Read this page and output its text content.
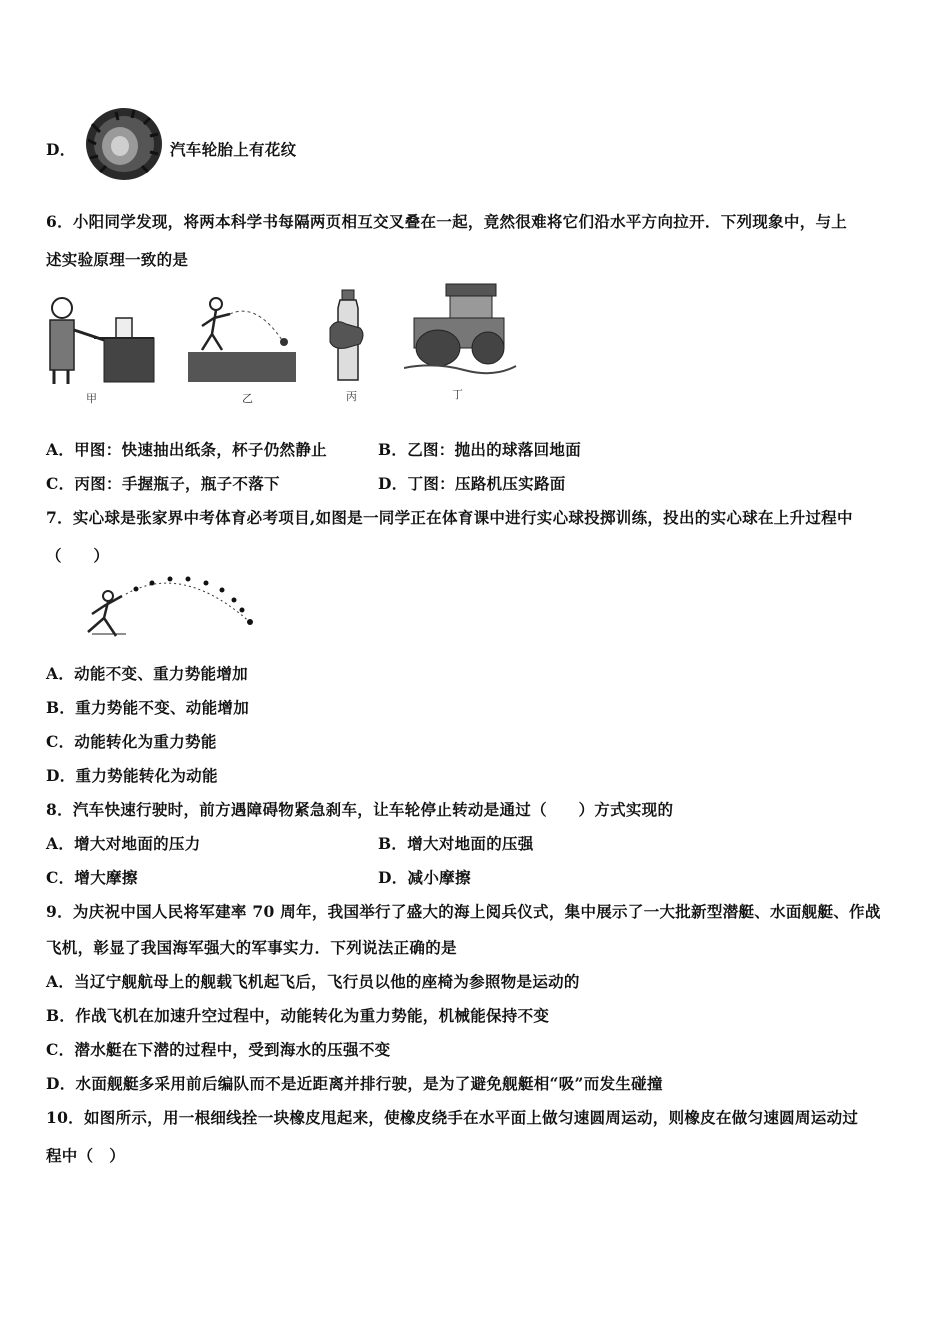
D．	汽车轮胎上有花纹
6．小阳同学发现，将两本科学书每隔两页相互交叉叠在一起，竟然很难将它们沿水平方向拉开．下列现象中，与上
述实验原理一致的是
甲	乙	丙	丁
A．甲图：快速抽出纸条，杯子仍然静止	B．乙图：抛出的球落回地面
C．丙图：手握瓶子，瓶子不落下	D．丁图：压路机压实路面
7．实心球是张家界中考体育必考项目,如图是一同学正在体育课中进行实心球投掷训练，投出的实心球在上升过程中
（　　）
A．动能不变、重力势能增加
B．重力势能不变、动能增加
C．动能转化为重力势能
D．重力势能转化为动能
8．汽车快速行驶时，前方遇障碍物紧急刹车，让车轮停止转动是通过（　　）方式实现的
A．增大对地面的压力	B．增大对地面的压强
C．增大摩擦	D．减小摩擦
9．为庆祝中国人民将军建率 70 周年，我国举行了盛大的海上阅兵仪式，集中展示了一大批新型潜艇、水面舰艇、作战
飞机，彰显了我国海军强大的军事实力．下列说法正确的是
A．当辽宁舰航母上的舰载飞机起飞后，飞行员以他的座椅为参照物是运动的
B．作战飞机在加速升空过程中，动能转化为重力势能，机械能保持不变
C．潜水艇在下潜的过程中，受到海水的压强不变
D．水面舰艇多采用前后编队而不是近距离并排行驶，是为了避免舰艇相“吸”而发生碰撞
10．如图所示，用一根细线拴一块橡皮甩起来，使橡皮绕手在水平面上做匀速圆周运动，则橡皮在做匀速圆周运动过
程中（　）
